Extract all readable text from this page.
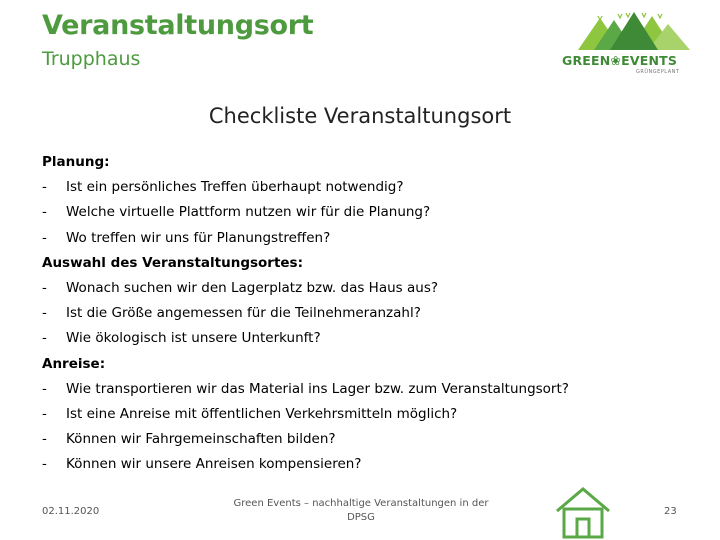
Veranstaltungsort
Trupphaus	GREEN❀EVENTS
GRÜNGEPLANT
Checkliste Veranstaltungsort
Planung:
-	Ist ein persönliches Treffen überhaupt notwendig?
-	Welche virtuelle Plattform nutzen wir für die Planung?
-	Wo treffen wir uns für Planungstreffen?
Auswahl des Veranstaltungsortes:
-	Wonach suchen wir den Lagerplatz bzw. das Haus aus?
-	Ist die Größe angemessen für die Teilnehmeranzahl?
-	Wie ökologisch ist unsere Unterkunft?
Anreise:
-	Wie transportieren wir das Material ins Lager bzw. zum Veranstaltungsort?
-	Ist eine Anreise mit öffentlichen Verkehrsmitteln möglich?
-	Können wir Fahrgemeinschaften bilden?
-	Können wir unsere Anreisen kompensieren?
02.11.2020
Green Events – nachhaltige Veranstaltungen in der DPSG
23
